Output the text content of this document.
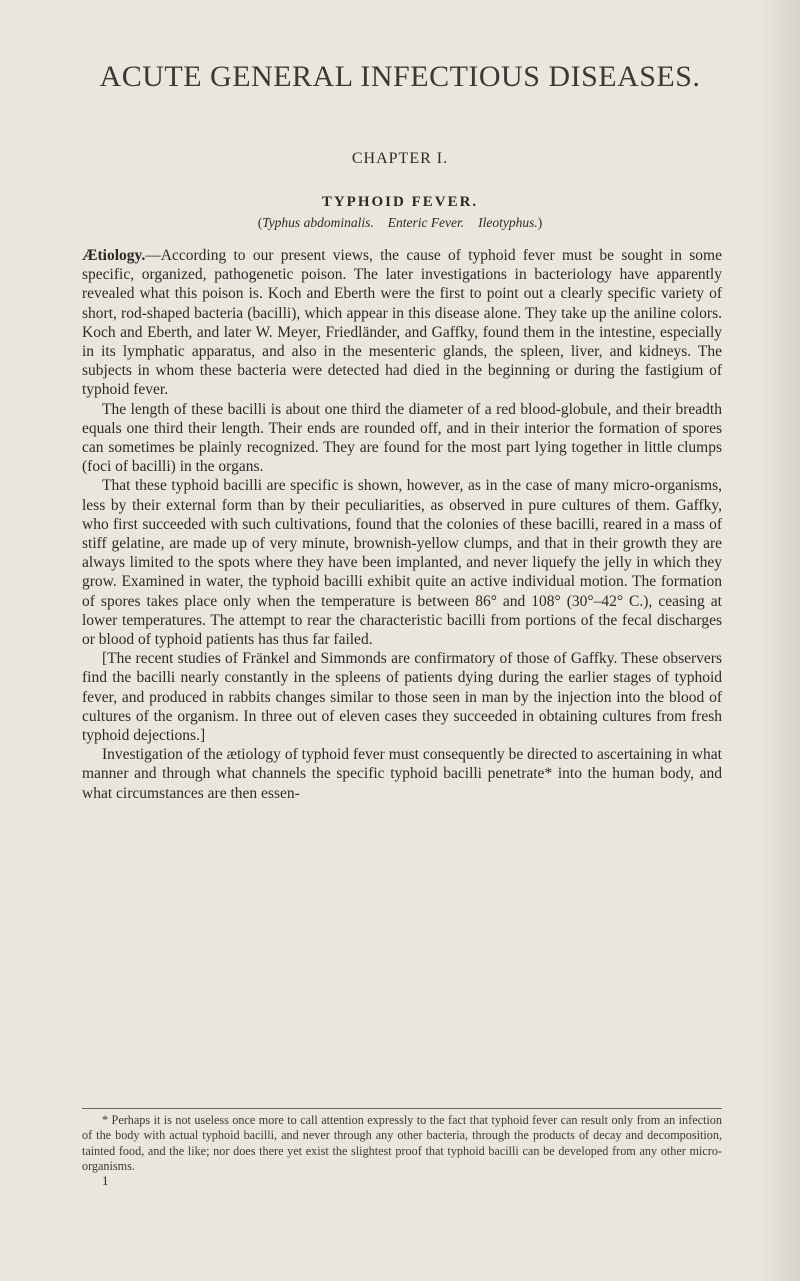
ACUTE GENERAL INFECTIOUS DISEASES.
CHAPTER I.
TYPHOID FEVER.
(Typhus abdominalis. Enteric Fever. Ileotyphus.)

Ætiology.—According to our present views, the cause of typhoid fever must be sought in some specific, organized, pathogenetic poison. The later investigations in bacteriology have apparently revealed what this poison is. Koch and Eberth were the first to point out a clearly specific variety of short, rod-shaped bacteria (bacilli), which appear in this disease alone. They take up the aniline colors. Koch and Eberth, and later W. Meyer, Friedländer, and Gaffky, found them in the intestine, especially in its lymphatic apparatus, and also in the mesenteric glands, the spleen, liver, and kidneys. The subjects in whom these bacteria were detected had died in the beginning or during the fastigium of typhoid fever.

The length of these bacilli is about one third the diameter of a red blood-globule, and their breadth equals one third their length. Their ends are rounded off, and in their interior the formation of spores can sometimes be plainly recognized. They are found for the most part lying together in little clumps (foci of bacilli) in the organs.

That these typhoid bacilli are specific is shown, however, as in the case of many micro-organisms, less by their external form than by their peculiarities, as observed in pure cultures of them. Gaffky, who first succeeded with such cultivations, found that the colonies of these bacilli, reared in a mass of stiff gelatine, are made up of very minute, brownish-yellow clumps, and that in their growth they are always limited to the spots where they have been implanted, and never liquefy the jelly in which they grow. Examined in water, the typhoid bacilli exhibit quite an active individual motion. The formation of spores takes place only when the temperature is between 86° and 108° (30°–42° C.), ceasing at lower temperatures. The attempt to rear the characteristic bacilli from portions of the fecal discharges or blood of typhoid patients has thus far failed.

[The recent studies of Fränkel and Simmonds are confirmatory of those of Gaffky. These observers find the bacilli nearly constantly in the spleens of patients dying during the earlier stages of typhoid fever, and produced in rabbits changes similar to those seen in man by the injection into the blood of cultures of the organism. In three out of eleven cases they succeeded in obtaining cultures from fresh typhoid dejections.]

Investigation of the ætiology of typhoid fever must consequently be directed to ascertaining in what manner and through what channels the specific typhoid bacilli penetrate* into the human body, and what circumstances are then essen-

* Perhaps it is not useless once more to call attention expressly to the fact that typhoid fever can result only from an infection of the body with actual typhoid bacilli, and never through any other bacteria, through the products of decay and decomposition, tainted food, and the like; nor does there yet exist the slightest proof that typhoid bacilli can be developed from any other micro-organisms.
1
